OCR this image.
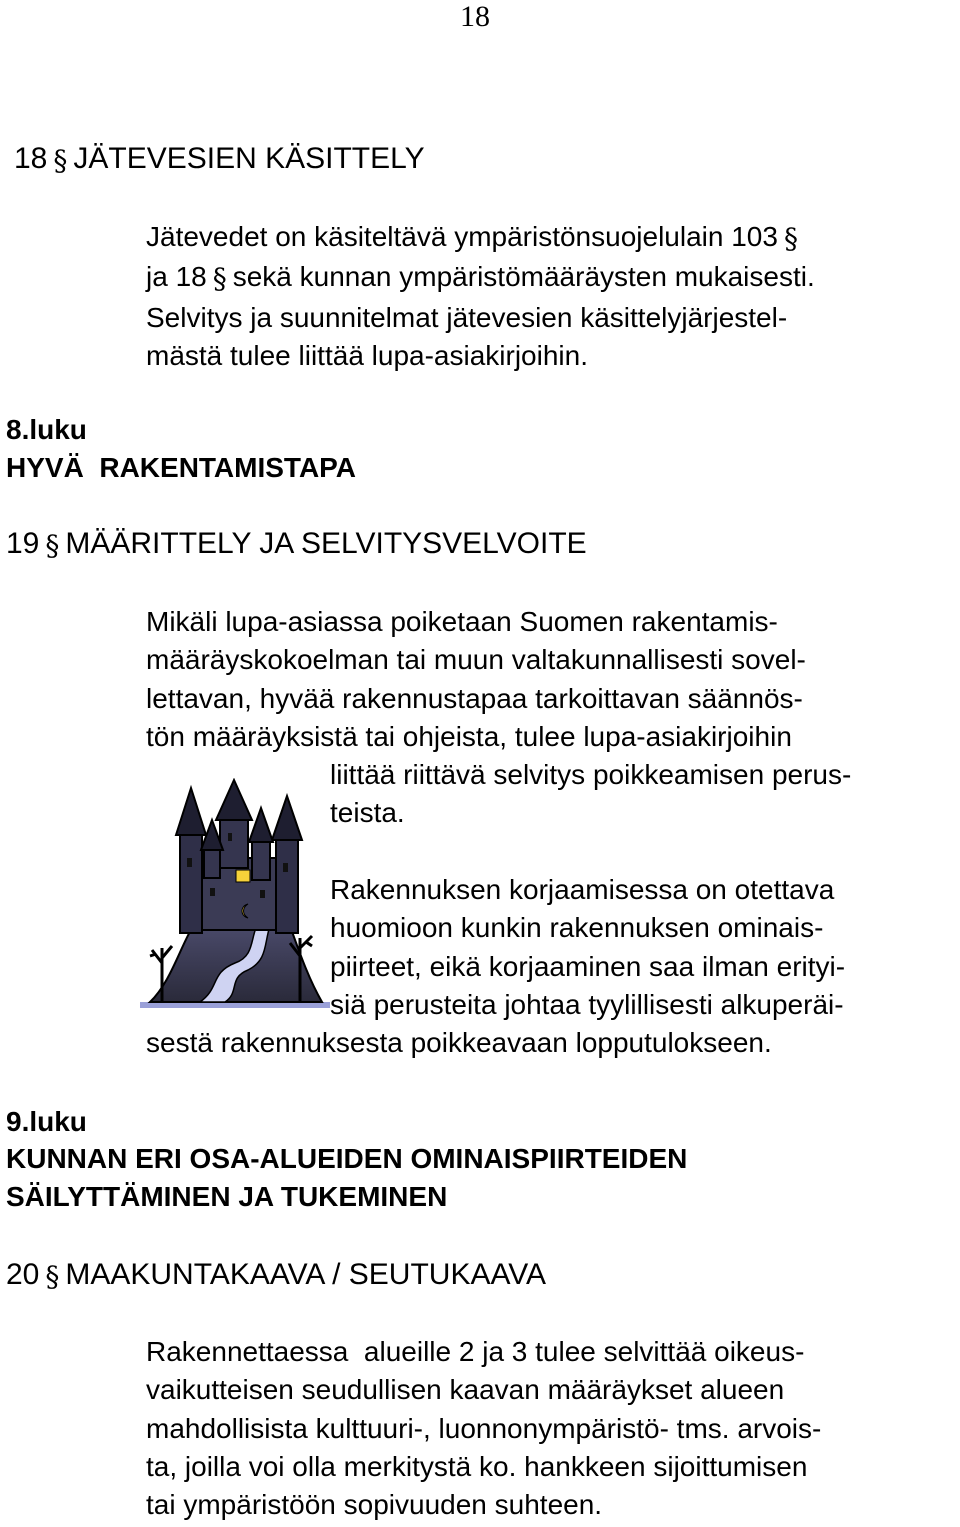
18
18 § JÄTEVESIEN KÄSITTELY
Jätevedet on käsiteltävä ympäristönsuojelulain 103 §
ja 18 § sekä kunnan ympäristömääräysten mukaisesti.
Selvitys ja suunnitelmat jätevesien käsittelyjärjestel-
mästä tulee liittää lupa-asiakirjoihin.
8.luku
HYVÄ  RAKENTAMISTAPA
19 § MÄÄRITTELY JA SELVITYSVELVOITE
Mikäli lupa-asiassa poiketaan Suomen rakentamis-
määräyskokoelman tai muun valtakunnallisesti sovel-
lettavan, hyvää rakennustapaa tarkoittavan säännös-
tön määräyksistä tai ohjeista, tulee lupa-asiakirjoihin
liittää riittävä selvitys poikkeamisen perus-
teista.
Rakennuksen korjaamisessa on otettava
huomioon kunkin rakennuksen ominais-
piirteet, eikä korjaaminen saa ilman erityi-
siä perusteita johtaa tyylillisesti alkuperäi-
sestä rakennuksesta poikkeavaan lopputulokseen.
9.luku
KUNNAN ERI OSA-ALUEIDEN OMINAISPIIRTEIDEN
SÄILYTTÄMINEN JA TUKEMINEN
20 § MAAKUNTAKAAVA / SEUTUKAAVA
Rakennettaessa  alueille 2 ja 3 tulee selvittää oikeus-
vaikutteisen seudullisen kaavan määräykset alueen
mahdollisista kulttuuri-, luonnonympäristö- tms. arvois-
ta, joilla voi olla merkitystä ko. hankkeen sijoittumisen
tai ympäristöön sopivuuden suhteen.
